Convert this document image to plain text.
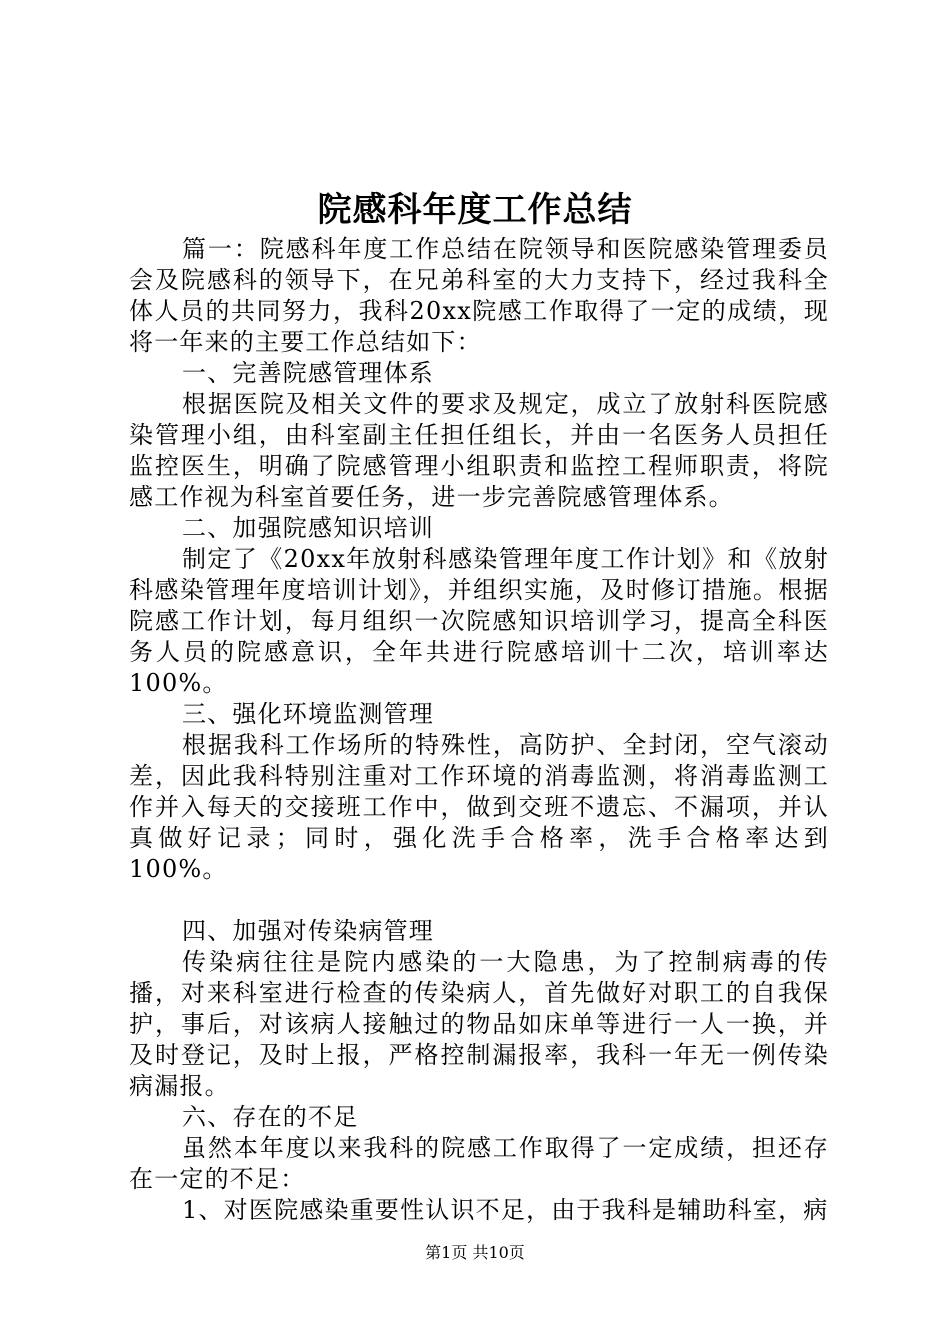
院感科年度工作总结

篇一：院感科年度工作总结在院领导和医院感染管理委员会及院感科的领导下，在兄弟科室的大力支持下，经过我科全体人员的共同努力，我科20xx院感工作取得了一定的成绩，现将一年来的主要工作总结如下：

一、完善院感管理体系

根据医院及相关文件的要求及规定，成立了放射科医院感染管理小组，由科室副主任担任组长，并由一名医务人员担任监控医生，明确了院感管理小组职责和监控工程师职责，将院感工作视为科室首要任务，进一步完善院感管理体系。

二、加强院感知识培训

制定了《20xx年放射科感染管理年度工作计划》和《放射科感染管理年度培训计划》，并组织实施，及时修订措施。根据院感工作计划，每月组织一次院感知识培训学习，提高全科医务人员的院感意识，全年共进行院感培训十二次，培训率达100%。

三、强化环境监测管理

根据我科工作场所的特殊性，高防护、全封闭，空气滚动差，因此我科特别注重对工作环境的消毒监测，将消毒监测工作并入每天的交接班工作中，做到交班不遗忘、不漏项，并认真做好记录；同时，强化洗手合格率，洗手合格率达到100%。

四、加强对传染病管理

传染病往往是院内感染的一大隐患，为了控制病毒的传播，对来科室进行检查的传染病人，首先做好对职工的自我保护，事后，对该病人接触过的物品如床单等进行一人一换，并及时登记，及时上报，严格控制漏报率，我科一年无一例传染病漏报。

六、存在的不足

虽然本年度以来我科的院感工作取得了一定成绩，担还存在一定的不足：

1、对医院感染重要性认识不足，由于我科是辅助科室，病

第1页 共10页
